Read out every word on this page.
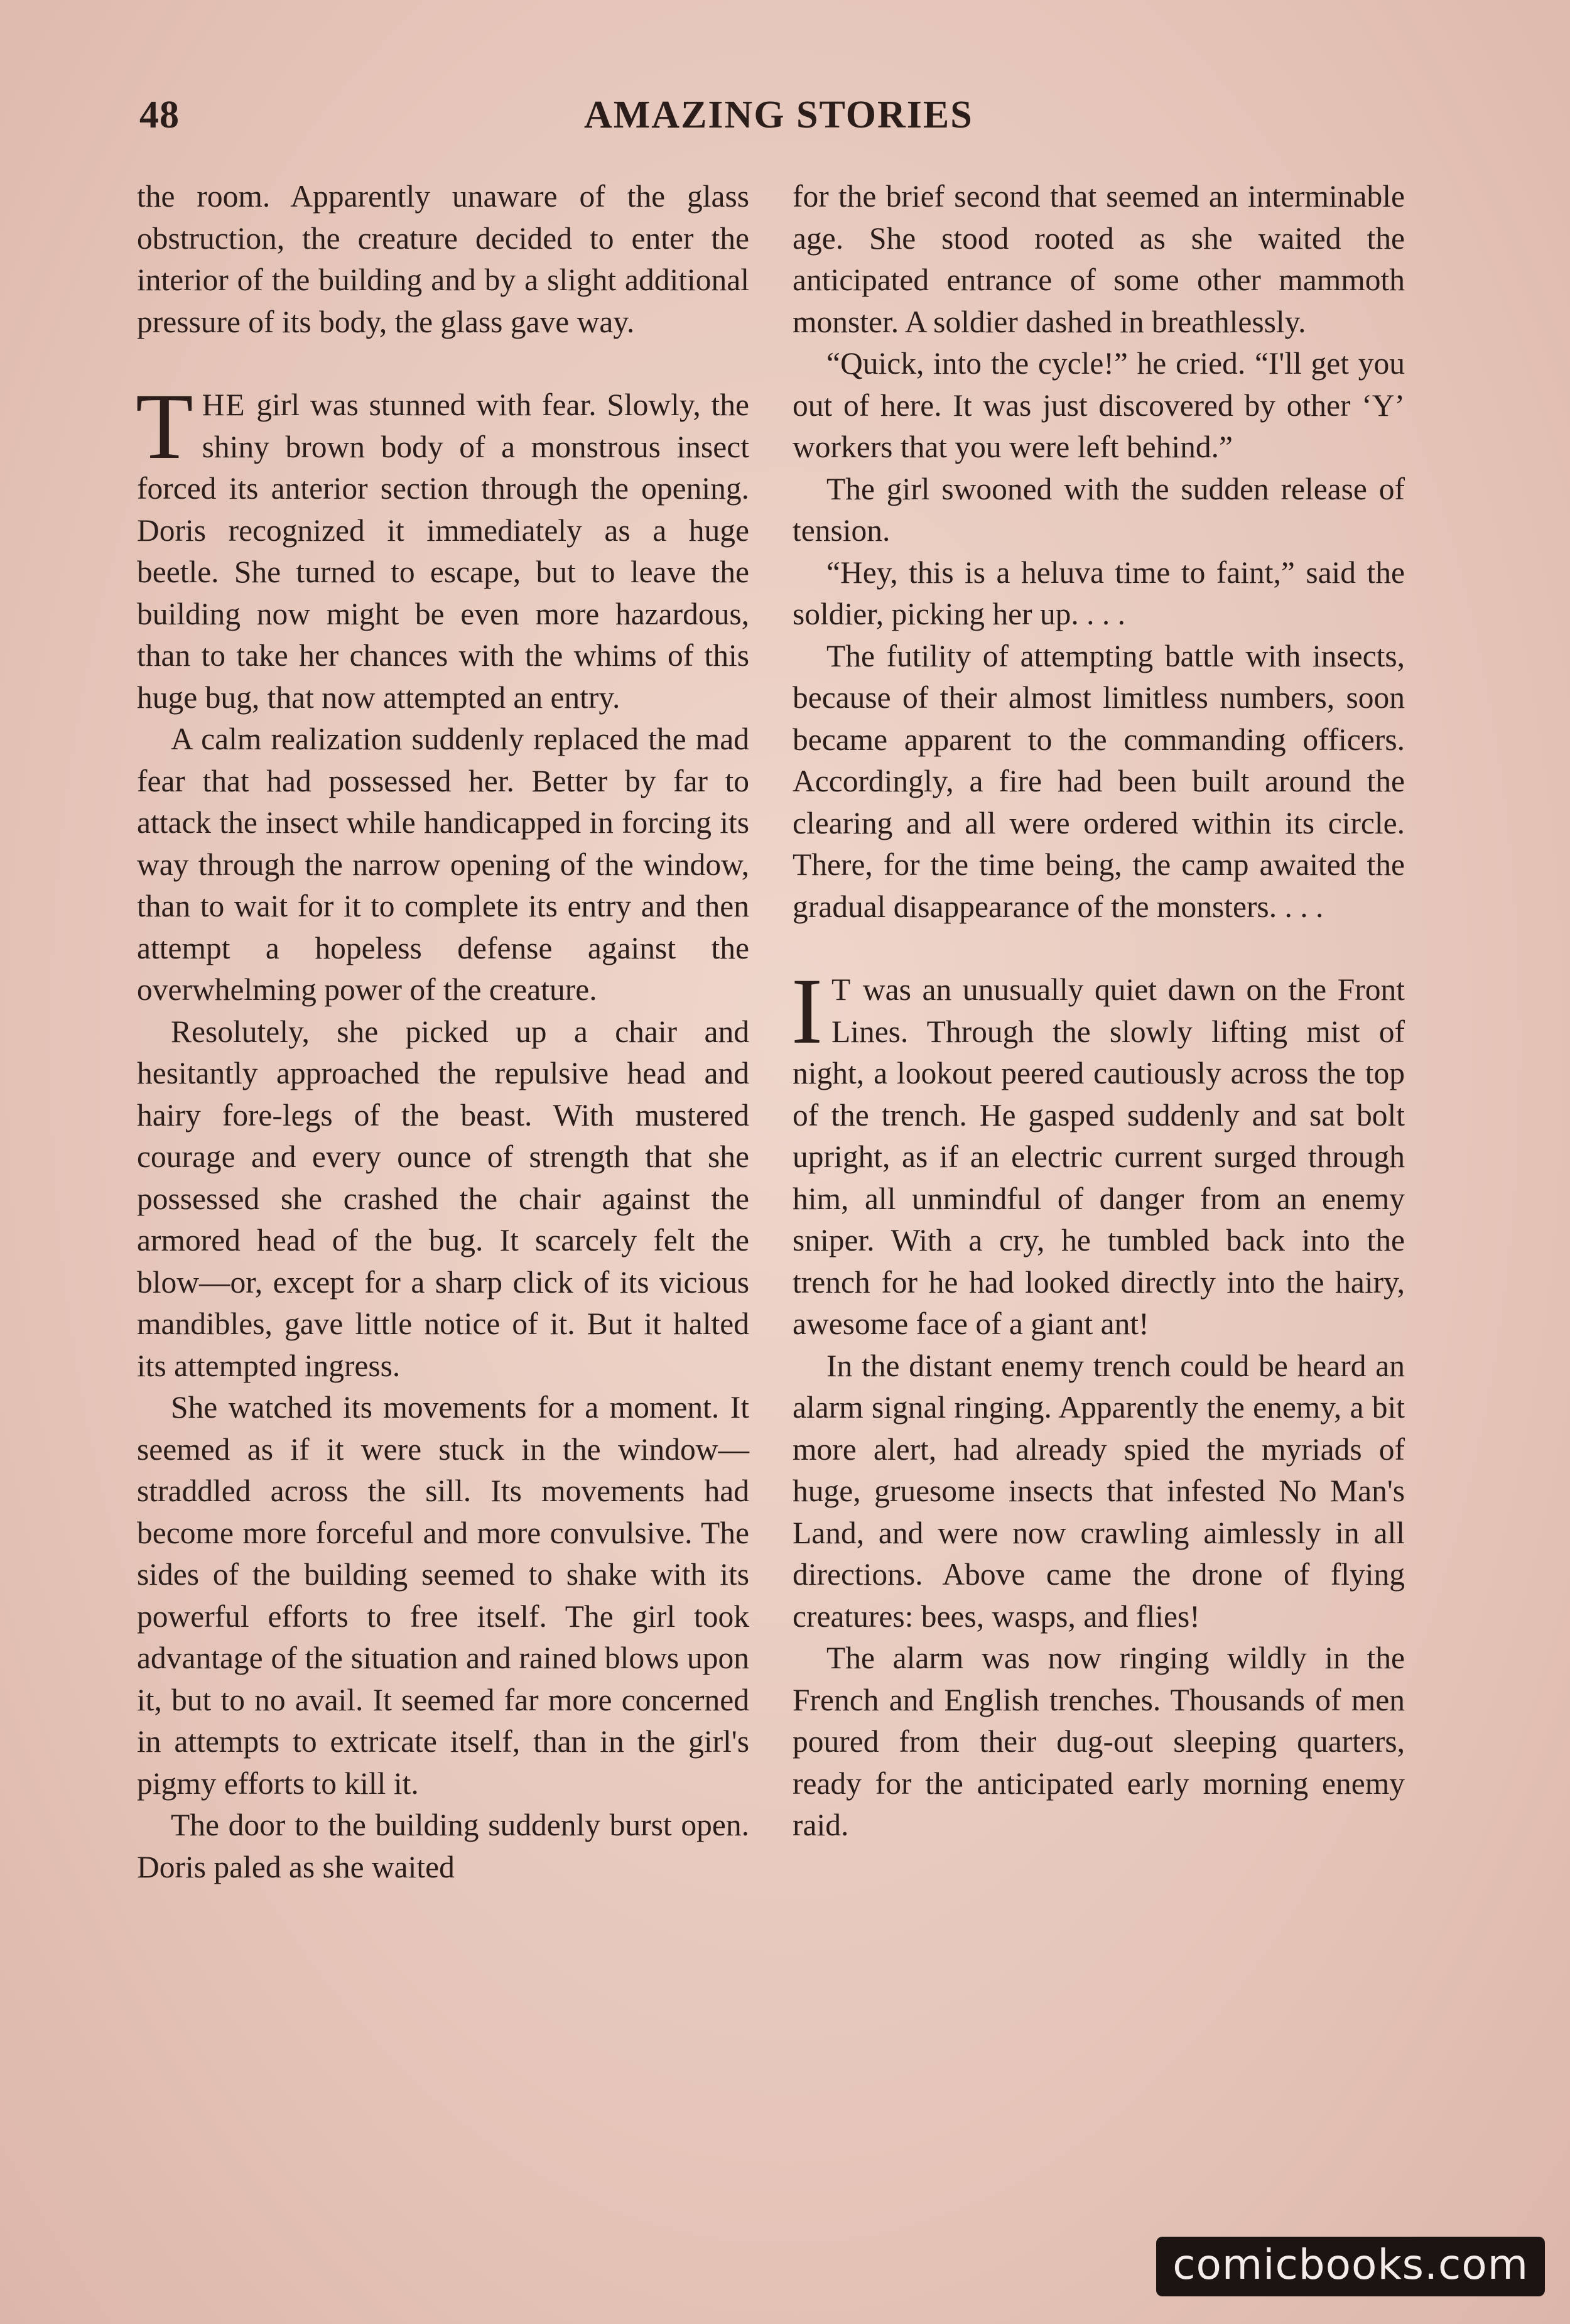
48	AMAZING STORIES

the room. Apparently unaware of the glass obstruction, the creature decided to enter the interior of the building and by a slight additional pressure of its body, the glass gave way.

THE girl was stunned with fear. Slowly, the shiny brown body of a monstrous insect forced its anterior section through the opening. Doris recognized it immediately as a huge beetle. She turned to escape, but to leave the building now might be even more hazardous, than to take her chances with the whims of this huge bug, that now attempted an entry.

A calm realization suddenly replaced the mad fear that had possessed her. Better by far to attack the insect while handicapped in forcing its way through the narrow opening of the window, than to wait for it to complete its entry and then attempt a hopeless defense against the overwhelming power of the creature.

Resolutely, she picked up a chair and hesitantly approached the repulsive head and hairy fore-legs of the beast. With mustered courage and every ounce of strength that she possessed she crashed the chair against the armored head of the bug. It scarcely felt the blow—or, except for a sharp click of its vicious mandibles, gave little notice of it. But it halted its attempted ingress.

She watched its movements for a moment. It seemed as if it were stuck in the window—straddled across the sill. Its movements had become more forceful and more convulsive. The sides of the building seemed to shake with its powerful efforts to free itself. The girl took advantage of the situation and rained blows upon it, but to no avail. It seemed far more concerned in attempts to extricate itself, than in the girl's pigmy efforts to kill it.

The door to the building suddenly burst open. Doris paled as she waited

for the brief second that seemed an interminable age. She stood rooted as she waited the anticipated entrance of some other mammoth monster. A soldier dashed in breathlessly.

“Quick, into the cycle!” he cried. “I'll get you out of here. It was just discovered by other ‘Y’ workers that you were left behind.”

The girl swooned with the sudden release of tension.

“Hey, this is a heluva time to faint,” said the soldier, picking her up. . . .

The futility of attempting battle with insects, because of their almost limitless numbers, soon became apparent to the commanding officers. Accordingly, a fire had been built around the clearing and all were ordered within its circle. There, for the time being, the camp awaited the gradual disappearance of the monsters. . . .

I T was an unusually quiet dawn on the Front Lines. Through the slowly lifting mist of night, a lookout peered cautiously across the top of the trench. He gasped suddenly and sat bolt upright, as if an electric current surged through him, all unmindful of danger from an enemy sniper. With a cry, he tumbled back into the trench for he had looked directly into the hairy, awesome face of a giant ant!

In the distant enemy trench could be heard an alarm signal ringing. Apparently the enemy, a bit more alert, had already spied the myriads of huge, gruesome insects that infested No Man's Land, and were now crawling aimlessly in all directions. Above came the drone of flying creatures: bees, wasps, and flies!

The alarm was now ringing wildly in the French and English trenches. Thousands of men poured from their dug-out sleeping quarters, ready for the anticipated early morning enemy raid.

comicbooks.com
